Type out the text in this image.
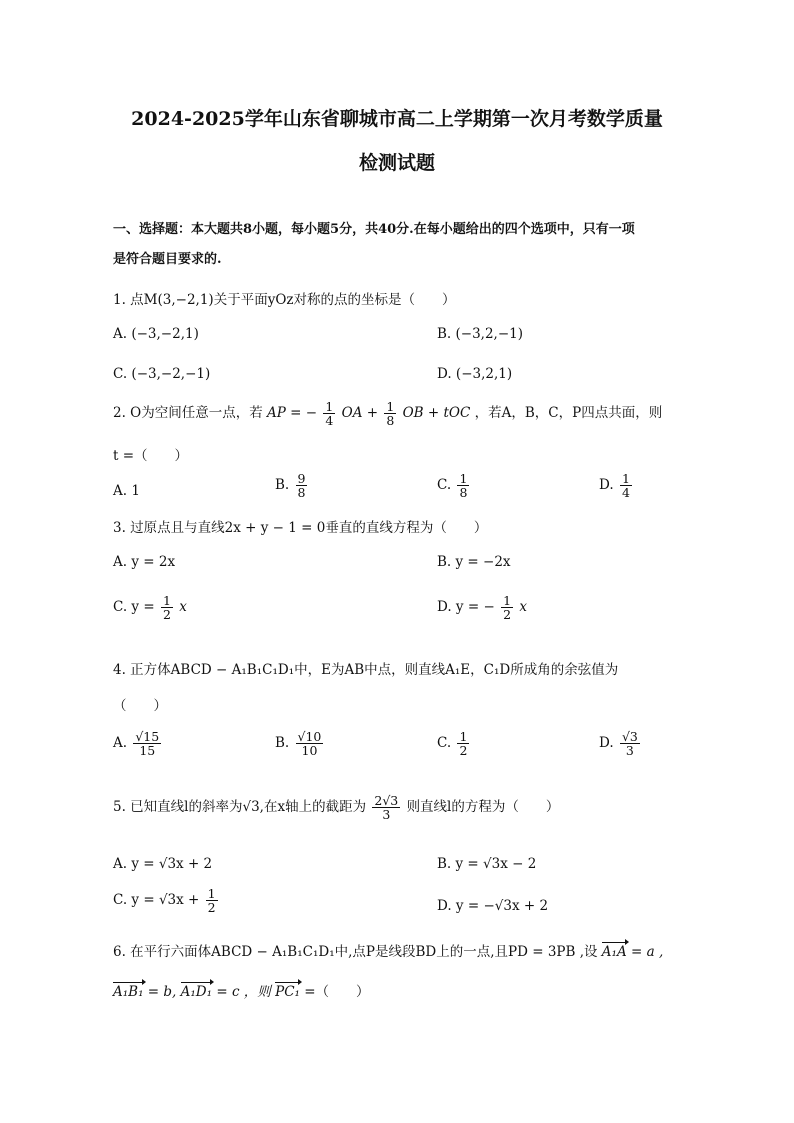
2024-2025学年山东省聊城市高二上学期第一次月考数学质量
检测试题
一、选择题：本大题共8小题，每小题5分，共40分.在每小题给出的四个选项中，只有一项
是符合题目要求的.
1. 点M(3,−2,1)关于平面yOz对称的点的坐标是（　　）
A. (−3,−2,1)	B. (−3,2,−1)
C. (−3,−2,−1)	D. (−3,2,1)
2. O为空间任意一点，若 AP = − $\frac{1}{4}$ OA + $\frac{1}{8}$ OB + tOC ，若A，B，C，P四点共面，则
t =（　　）
A. 1	B. $\frac{9}{8}$	C. $\frac{1}{8}$	D. $\frac{1}{4}$
3. 过原点且与直线2x + y − 1 = 0垂直的直线方程为（　　）
A. y = 2x	B. y = −2x
C. $y = \frac{1}{2}$ x	D. y = − $\frac{1}{2}$ x
4. 正方体ABCD − A₁B₁C₁D₁中，E为AB中点，则直线A₁E，C₁D所成角的余弦值为
（　　）
A. $\frac{√15}{15}$	B. $\frac{√10}{10}$	C. $\frac{1}{2}$	D. $\frac{√3}{3}$
5. 已知直线l的斜率为√3,在x轴上的截距为 $\frac{2√3}{3}$ 则直线l的方程为（　　）
A. y = √3x + 2	B. y = √3x − 2
C. $y = √3x + \frac{1}{2}$	D. y = −√3x + 2
6. 在平行六面体ABCD − A₁B₁C₁D₁中,点P是线段BD上的一点,且PD = 3PB ,设 A₁A = a ,
A₁B₁ = b, A₁D₁ = c ，则 PC₁ =（　　）
